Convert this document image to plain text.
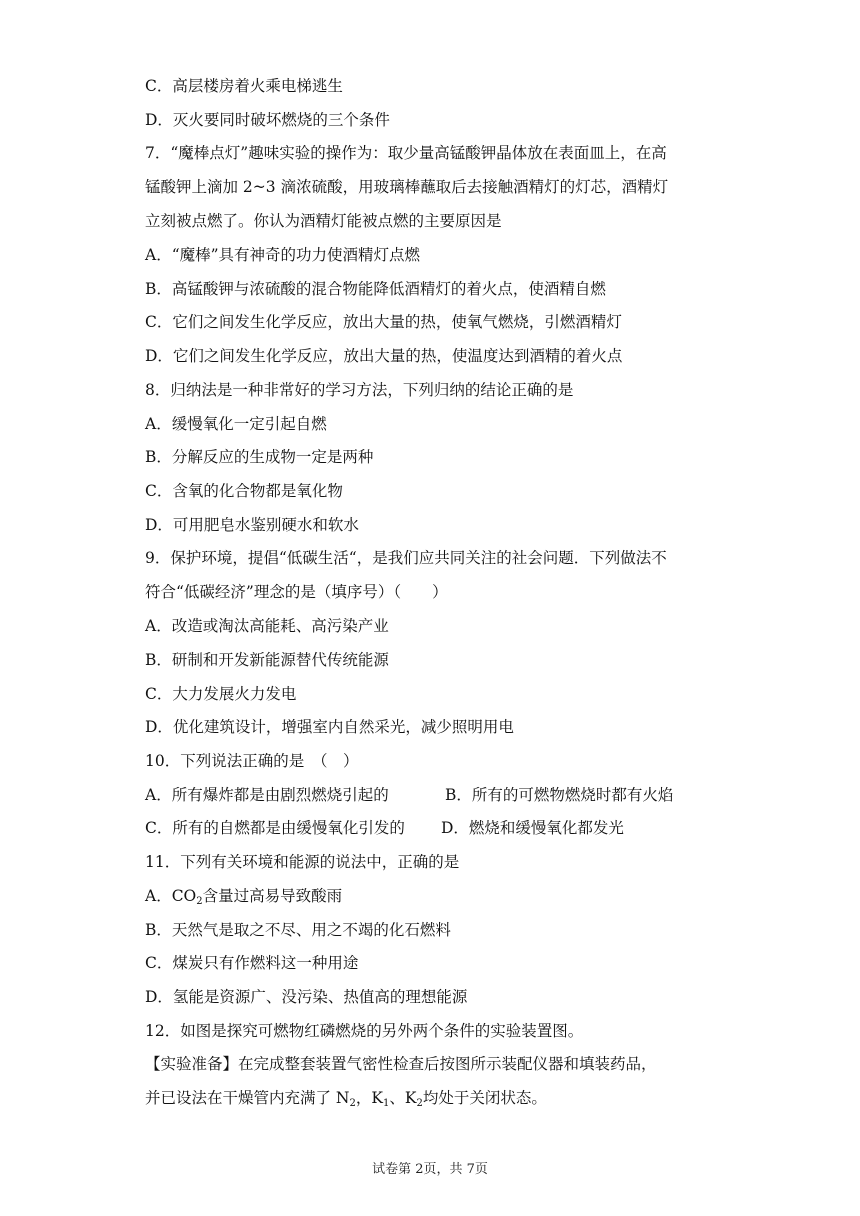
C．高层楼房着火乘电梯逃生
D．灭火要同时破坏燃烧的三个条件
7．“魔棒点灯”趣味实验的操作为：取少量高锰酸钾晶体放在表面皿上，在高
锰酸钾上滴加 2~3 滴浓硫酸，用玻璃棒蘸取后去接触酒精灯的灯芯，酒精灯
立刻被点燃了。你认为酒精灯能被点燃的主要原因是
A．“魔棒”具有神奇的功力使酒精灯点燃
B．高锰酸钾与浓硫酸的混合物能降低酒精灯的着火点，使酒精自燃
C．它们之间发生化学反应，放出大量的热，使氧气燃烧，引燃酒精灯
D．它们之间发生化学反应，放出大量的热，使温度达到酒精的着火点
8．归纳法是一种非常好的学习方法，下列归纳的结论正确的是
A．缓慢氧化一定引起自燃
B．分解反应的生成物一定是两种
C．含氧的化合物都是氧化物
D．可用肥皂水鉴别硬水和软水
9．保护环境，提倡“低碳生活“，是我们应共同关注的社会问题．下列做法不
符合“低碳经济”理念的是（填序号）（　　）
A．改造或淘汰高能耗、高污染产业
B．研制和开发新能源替代传统能源
C．大力发展火力发电
D．优化建筑设计，增强室内自然采光，减少照明用电
10．下列说法正确的是　（　）
A．所有爆炸都是由剧烈燃烧引起的	B．所有的可燃物燃烧时都有火焰
C．所有的自燃都是由缓慢氧化引发的 D．燃烧和缓慢氧化都发光
11．下列有关环境和能源的说法中，正确的是
A．$CO_2$含量过高易导致酸雨
B．天然气是取之不尽、用之不竭的化石燃料
C．煤炭只有作燃料这一种用途
D．氢能是资源广、没污染、热值高的理想能源
12．如图是探究可燃物红磷燃烧的另外两个条件的实验装置图。
【实验准备】在完成整套装置气密性检查后按图所示装配仪器和填装药品，
并已设法在干燥管内充满了 $N_2$，$K_1$、$K_2$均处于关闭状态。
试卷第 2页，共 7页
